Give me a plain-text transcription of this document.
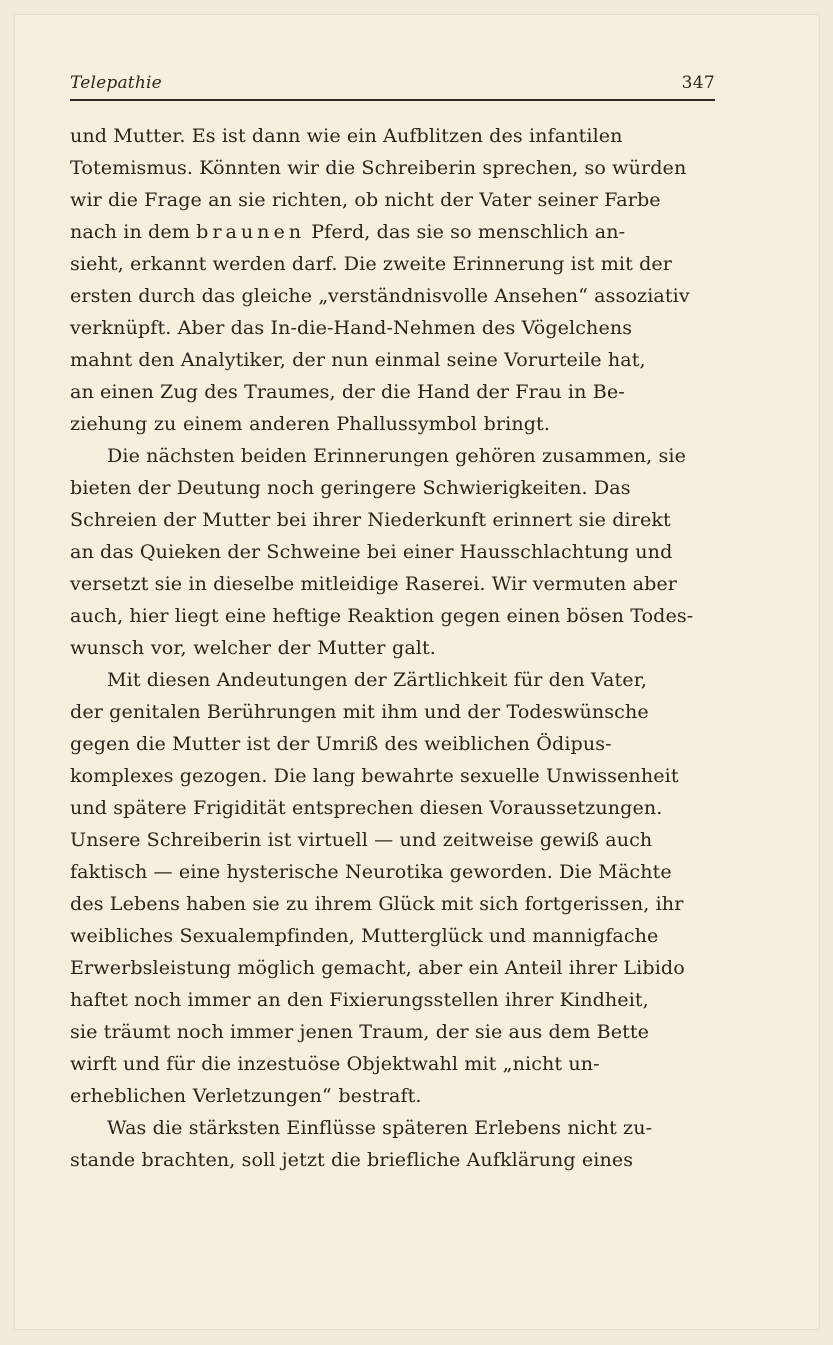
Telepathie	347
und Mutter. Es ist dann wie ein Aufblitzen des infantilen
Totemismus. Könnten wir die Schreiberin sprechen, so würden
wir die Frage an sie richten, ob nicht der Vater seiner Farbe
nach in dem braunen Pferd, das sie so menschlich an-
sieht, erkannt werden darf. Die zweite Erinnerung ist mit der
ersten durch das gleiche „verständnisvolle Ansehen“ assoziativ
verknüpft. Aber das In-die-Hand-Nehmen des Vögelchens
mahnt den Analytiker, der nun einmal seine Vorurteile hat,
an einen Zug des Traumes, der die Hand der Frau in Be-
ziehung zu einem anderen Phallussymbol bringt.
Die nächsten beiden Erinnerungen gehören zusammen, sie
bieten der Deutung noch geringere Schwierigkeiten. Das
Schreien der Mutter bei ihrer Niederkunft erinnert sie direkt
an das Quieken der Schweine bei einer Hausschlachtung und
versetzt sie in dieselbe mitleidige Raserei. Wir vermuten aber
auch, hier liegt eine heftige Reaktion gegen einen bösen Todes-
wunsch vor, welcher der Mutter galt.
Mit diesen Andeutungen der Zärtlichkeit für den Vater,
der genitalen Berührungen mit ihm und der Todeswünsche
gegen die Mutter ist der Umriß des weiblichen Ödipus-
komplexes gezogen. Die lang bewahrte sexuelle Unwissenheit
und spätere Frigidität entsprechen diesen Voraussetzungen.
Unsere Schreiberin ist virtuell — und zeitweise gewiß auch
faktisch — eine hysterische Neurotika geworden. Die Mächte
des Lebens haben sie zu ihrem Glück mit sich fortgerissen, ihr
weibliches Sexualempfinden, Mutterglück und mannigfache
Erwerbsleistung möglich gemacht, aber ein Anteil ihrer Libido
haftet noch immer an den Fixierungsstellen ihrer Kindheit,
sie träumt noch immer jenen Traum, der sie aus dem Bette
wirft und für die inzestuöse Objektwahl mit „nicht un-
erheblichen Verletzungen“ bestraft.
Was die stärksten Einflüsse späteren Erlebens nicht zu-
stande brachten, soll jetzt die briefliche Aufklärung eines
